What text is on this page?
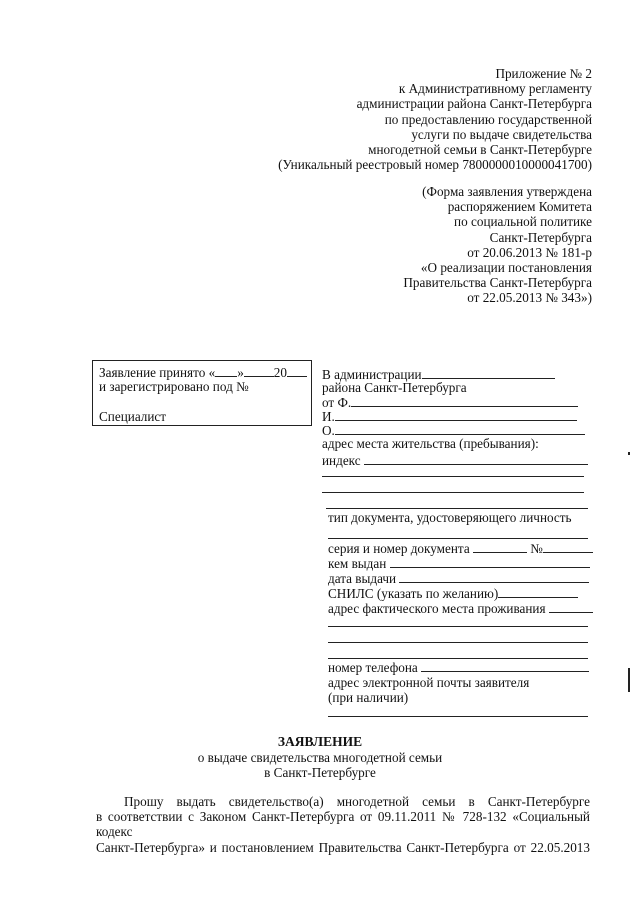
Приложение № 2
к Административному регламенту
администрации района Санкт-Петербурга
по предоставлению государственной
услуги по выдаче свидетельства
многодетной семьи в Санкт-Петербурге
(Уникальный реестровый номер 7800000010000041700)
(Форма заявления утверждена
распоряжением Комитета
по социальной политике
Санкт-Петербурга
от 20.06.2013 № 181-р
«О реализации постановления
Правительства Санкт-Петербурга
от 22.05.2013 № 343»)
Заявление принято « » 20
и зарегистрировано под №
Специалист
В администрации
района Санкт-Петербурга
от Ф.
И.
О.
адрес места жительства (пребывания):
индекс
тип документа, удостоверяющего личность
серия и номер документа	№
кем выдан
дата выдачи
СНИЛС (указать по желанию)
адрес фактического места проживания
номер телефона
адрес электронной почты заявителя
(при наличии)
ЗАЯВЛЕНИЕ
о выдаче свидетельства многодетной семьи
в Санкт-Петербурге
Прошу выдать свидетельство(а) многодетной семьи в Санкт-Петербурге
в соответствии с Законом Санкт-Петербурга от 09.11.2011 № 728-132 «Социальный кодекс
Санкт-Петербурга» и постановлением Правительства Санкт-Петербурга от 22.05.2013
